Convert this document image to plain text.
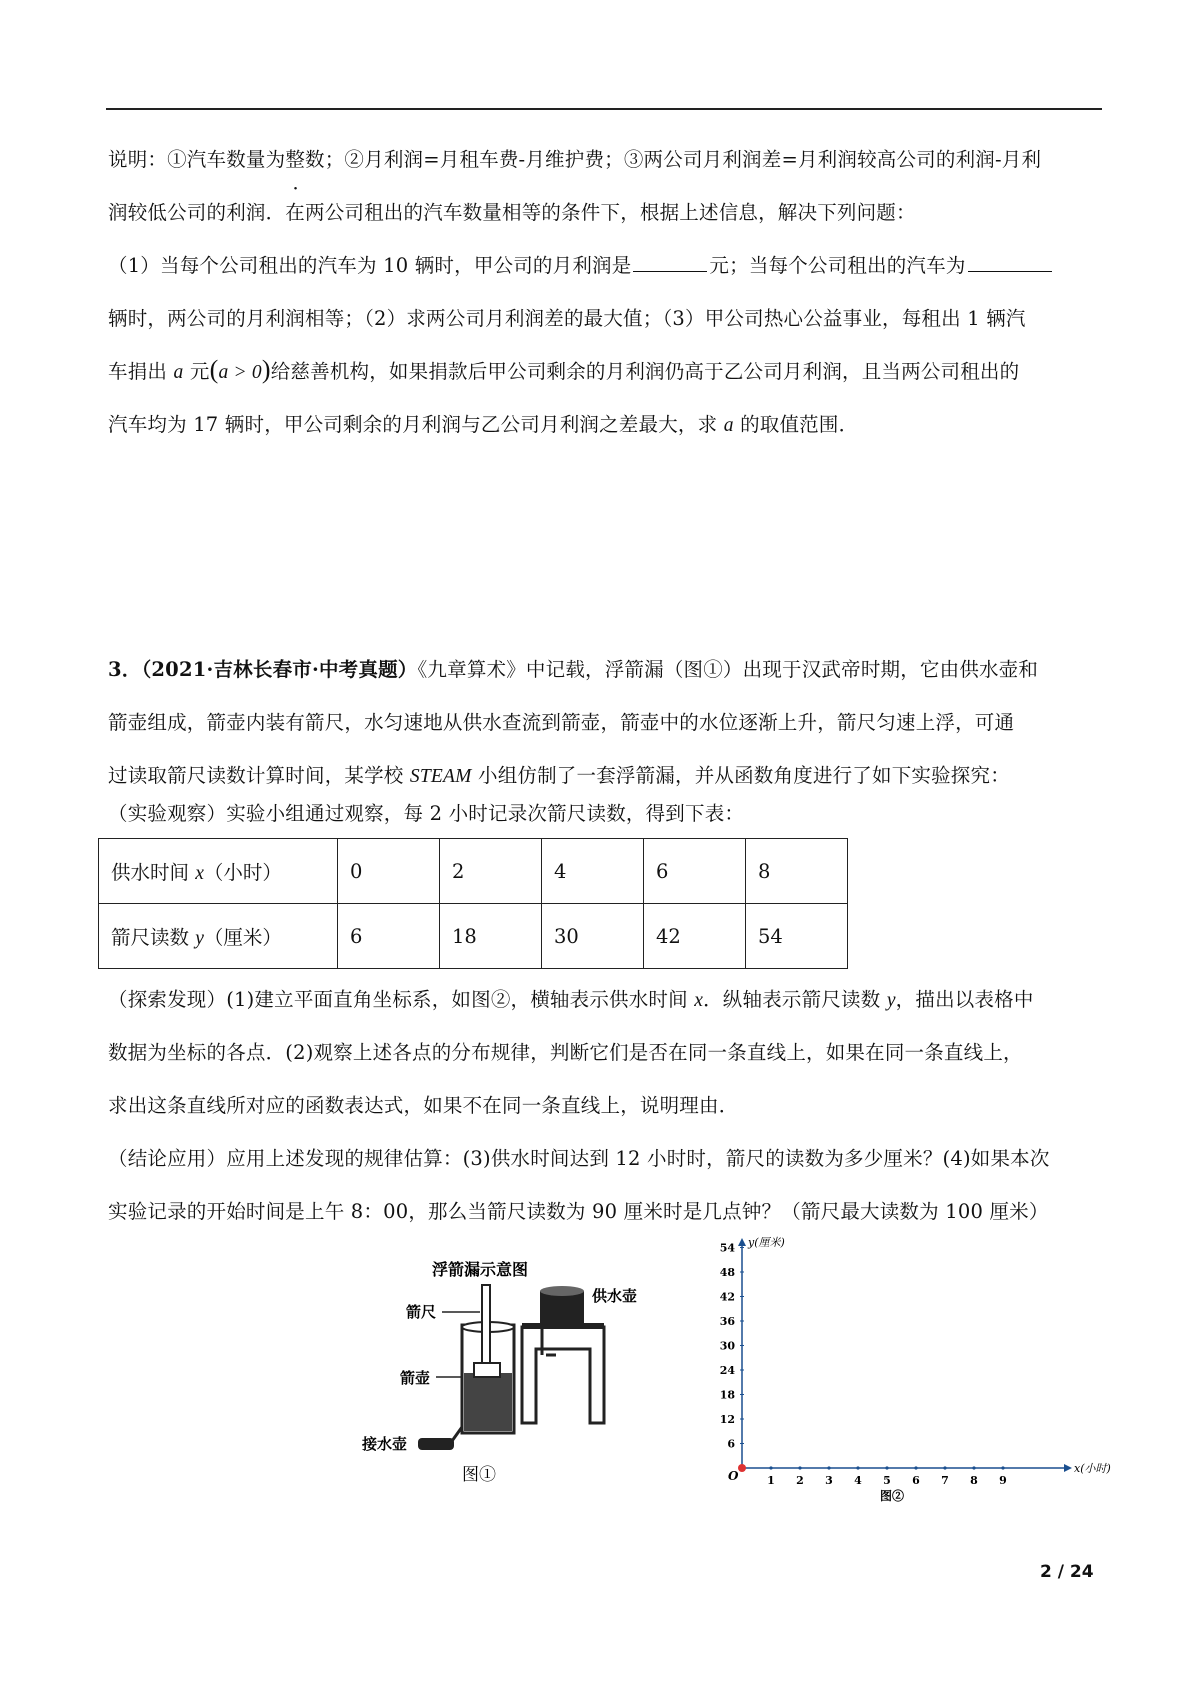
说明：①汽车数量为整数；②月利润=月租车费-月维护费；③两公司月利润差=月利润较高公司的利润-月利
润较低公司的利润．在两公司租出的汽车数量相等的条件下，根据上述信息，解决下列问题：
（1）当每个公司租出的汽车为 10 辆时，甲公司的月利润是	元；当每个公司租出的汽车为
辆时，两公司的月利润相等；（2）求两公司月利润差的最大值；（3）甲公司热心公益事业，每租出 1 辆汽
车捐出 a 元(a > 0)给慈善机构，如果捐款后甲公司剩余的月利润仍高于乙公司月利润，且当两公司租出的
汽车均为 17 辆时，甲公司剩余的月利润与乙公司月利润之差最大，求 a 的取值范围．
3．（2021·吉林长春市·中考真题）《九章算术》中记载，浮箭漏（图①）出现于汉武帝时期，它由供水壶和
箭壶组成，箭壶内装有箭尺，水匀速地从供水查流到箭壶，箭壶中的水位逐渐上升，箭尺匀速上浮，可通
过读取箭尺读数计算时间，某学校 STEAM 小组仿制了一套浮箭漏，并从函数角度进行了如下实验探究：
（实验观察）实验小组通过观察，每 2 小时记录次箭尺读数，得到下表：
供水时间 x（小时）	0	2	4	6	8
箭尺读数 y（厘米）	6	18	30	42	54
（探索发现）(1)建立平面直角坐标系，如图②，横轴表示供水时间 x．纵轴表示箭尺读数 y，描出以表格中
数据为坐标的各点．(2)观察上述各点的分布规律，判断它们是否在同一条直线上，如果在同一条直线上，
求出这条直线所对应的函数表达式，如果不在同一条直线上，说明理由．
（结论应用）应用上述发现的规律估算：(3)供水时间达到 12 小时时，箭尺的读数为多少厘米？(4)如果本次
实验记录的开始时间是上午 8：00，那么当箭尺读数为 90 厘米时是几点钟？（箭尺最大读数为 100 厘米）
浮箭漏示意图
箭尺
供水壶
箭壶
接水壶
图①
y(厘米)
x(小时)
O
图②
6
12
18
24
30
36
42
48
54
1 2 3 4 5 6 7 8 9
2 / 24
